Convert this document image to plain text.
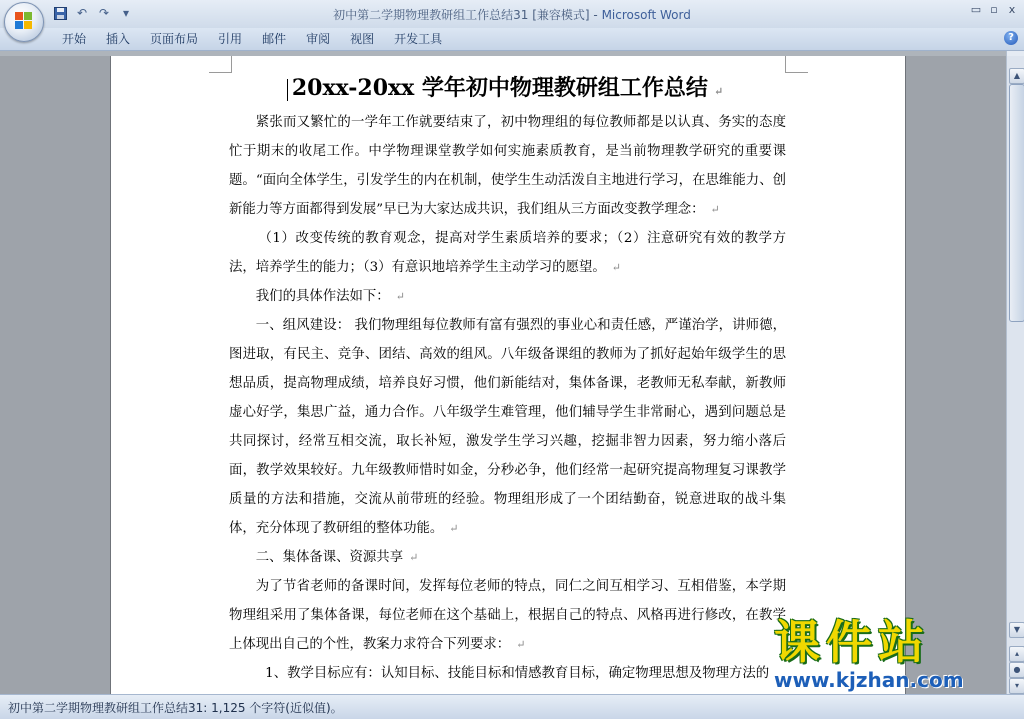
↶ ↷	▾	初中第二学期物理教研组工作总结31 [兼容模式] - Microsoft Word	▭ ▫ x
开始	插入	页面布局	引用	邮件	审阅	视图	开发工具	?
20xx-20xx 学年初中物理教研组工作总结 ↵

紧张而又繁忙的一学年工作就要结束了，初中物理组的每位教师都是以认真、务实的态度忙于期末的收尾工作。中学物理课堂教学如何实施素质教育，是当前物理教学研究的重要课题。“面向全体学生，引发学生的内在机制，使学生生动活泼自主地进行学习，在思维能力、创新能力等方面都得到发展”早已为大家达成共识，我们组从三方面改变教学理念： ↵

（1）改变传统的教育观念，提高对学生素质培养的要求；（2）注意研究有效的教学方法，培养学生的能力；（3）有意识地培养学生主动学习的愿望。 ↵

我们的具体作法如下： ↵

一、组风建设： 我们物理组每位教师有富有强烈的事业心和责任感，严谨治学，讲师德，图进取，有民主、竞争、团结、高效的组风。八年级备课组的教师为了抓好起始年级学生的思想品质，提高物理成绩，培养良好习惯，他们新能结对，集体备课，老教师无私奉献，新教师虚心好学，集思广益，通力合作。八年级学生难管理，他们辅导学生非常耐心，遇到问题总是共同探讨，经常互相交流，取长补短，激发学生学习兴趣，挖掘非智力因素，努力缩小落后面，教学效果较好。九年级教师惜时如金，分秒必争，他们经常一起研究提高物理复习课教学质量的方法和措施，交流从前带班的经验。物理组形成了一个团结勤奋，锐意进取的战斗集体，充分体现了教研组的整体功能。 ↵

二、集体备课、资源共享 ↵

为了节省老师的备课时间，发挥每位老师的特点，同仁之间互相学习、互相借鉴，本学期物理组采用了集体备课，每位老师在这个基础上，根据自己的特点、风格再进行修改，在教学上体现出自己的个性，教案力求符合下列要求： ↵

1、教学目标应有：认知目标、技能目标和情感教育目标，确定物理思想及物理方法的

▲
▼
▴
●
▾
初中第二学期物理教研组工作总结31: 1,125 个字符(近似值)。
课件站
www.kjzhan.com
